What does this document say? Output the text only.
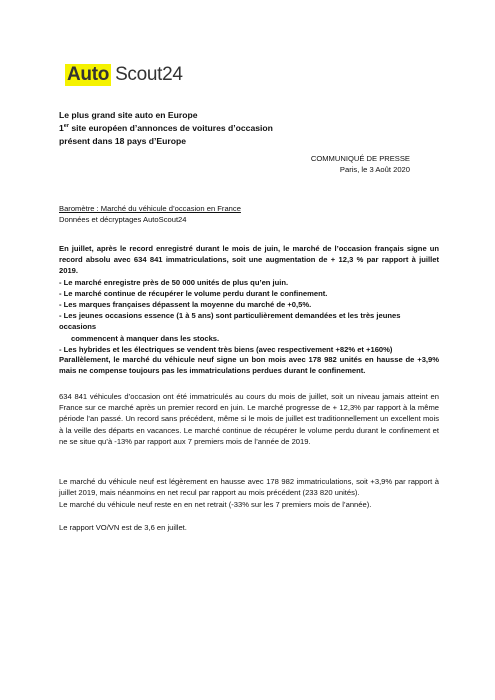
Auto Scout24
Le plus grand site auto en Europe
1er site européen d’annonces de voitures d’occasion
présent dans 18 pays d’Europe
COMMUNIQUÉ DE PRESSE
Paris, le 3 Août 2020
Baromètre : Marché du véhicule d’occasion en France
Données et décryptages AutoScout24
En juillet, après le record enregistré durant le mois de juin, le marché de l’occasion français signe un record absolu avec 634 841 immatriculations, soit une augmentation de + 12,3 % par rapport à juillet 2019.
- Le marché enregistre près de 50 000 unités de plus qu’en juin.
- Le marché continue de récupérer le volume perdu durant le confinement.
- Les marques françaises dépassent la moyenne du marché de +0,5%.
- Les jeunes occasions essence (1 à 5 ans) sont particulièrement demandées et les très jeunes occasions
commencent à manquer dans les stocks.
- Les hybrides et les électriques se vendent très biens (avec respectivement +82% et +160%)
Parallèlement, le marché du véhicule neuf signe un bon mois avec 178 982 unités en hausse de +3,9% mais ne compense toujours pas les immatriculations perdues durant le confinement.
634 841 véhicules d’occasion ont été immatriculés au cours du mois de juillet, soit un niveau jamais atteint en France sur ce marché après un premier record en juin. Le marché progresse de + 12,3% par rapport à la même période l’an passé. Un record sans précédent, même si le mois de juillet est traditionnellement un excellent mois à la veille des départs en vacances. Le marché continue de récupérer le volume perdu durant le confinement et ne se situe qu’à -13% par rapport aux 7 premiers mois de l’année de 2019.
Le marché du véhicule neuf est légèrement en hausse avec 178 982 immatriculations, soit +3,9% par rapport à juillet 2019, mais néanmoins en net recul par rapport au mois précédent (233 820 unités).
Le marché du véhicule neuf reste en en net retrait (-33% sur les 7 premiers mois de l’année).
Le rapport VO/VN est de 3,6 en juillet.
